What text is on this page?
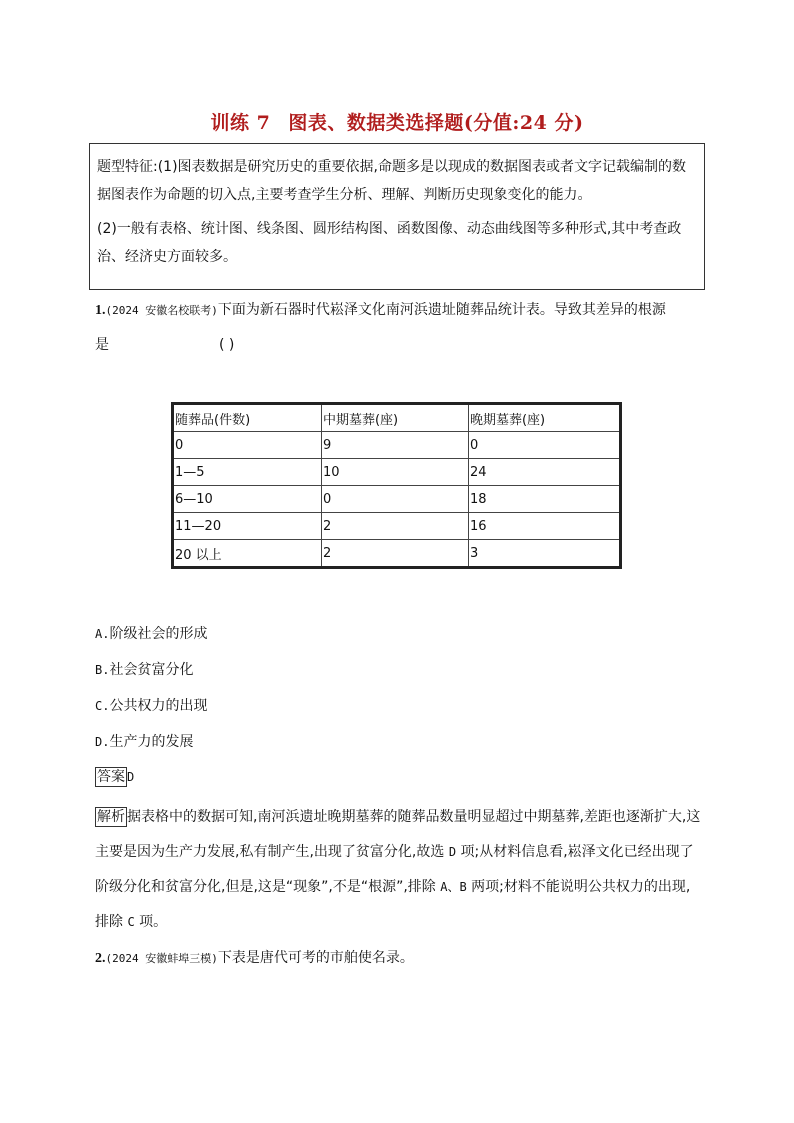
训练 7 图表、数据类选择题(分值:24 分)

题型特征:(1)图表数据是研究历史的重要依据,命题多是以现成的数据图表或者文字记载编制的数据图表作为命题的切入点,主要考查学生分析、理解、判断历史现象变化的能力。

(2)一般有表格、统计图、线条图、圆形结构图、函数图像、动态曲线图等多种形式,其中考查政治、经济史方面较多。

1.(2024 安徽名校联考)下面为新石器时代崧泽文化南河浜遗址随葬品统计表。导致其差异的根源
是	( )
随葬品(件数)	中期墓葬(座)	晚期墓葬(座)
0	9	0
1—5	10	24
6—10	0	18
11—20	2	16
20 以上	2	3
A.阶级社会的形成
B.社会贫富分化
C.公共权力的出现
D.生产力的发展
答案 D
解析 据表格中的数据可知,南河浜遗址晚期墓葬的随葬品数量明显超过中期墓葬,差距也逐渐扩大,这主要是因为生产力发展,私有制产生,出现了贫富分化,故选 D 项;从材料信息看,崧泽文化已经出现了阶级分化和贫富分化,但是,这是“现象”,不是“根源”,排除 A、B 两项;材料不能说明公共权力的出现,排除 C 项。
2.(2024 安徽蚌埠三模)下表是唐代可考的市舶使名录。
